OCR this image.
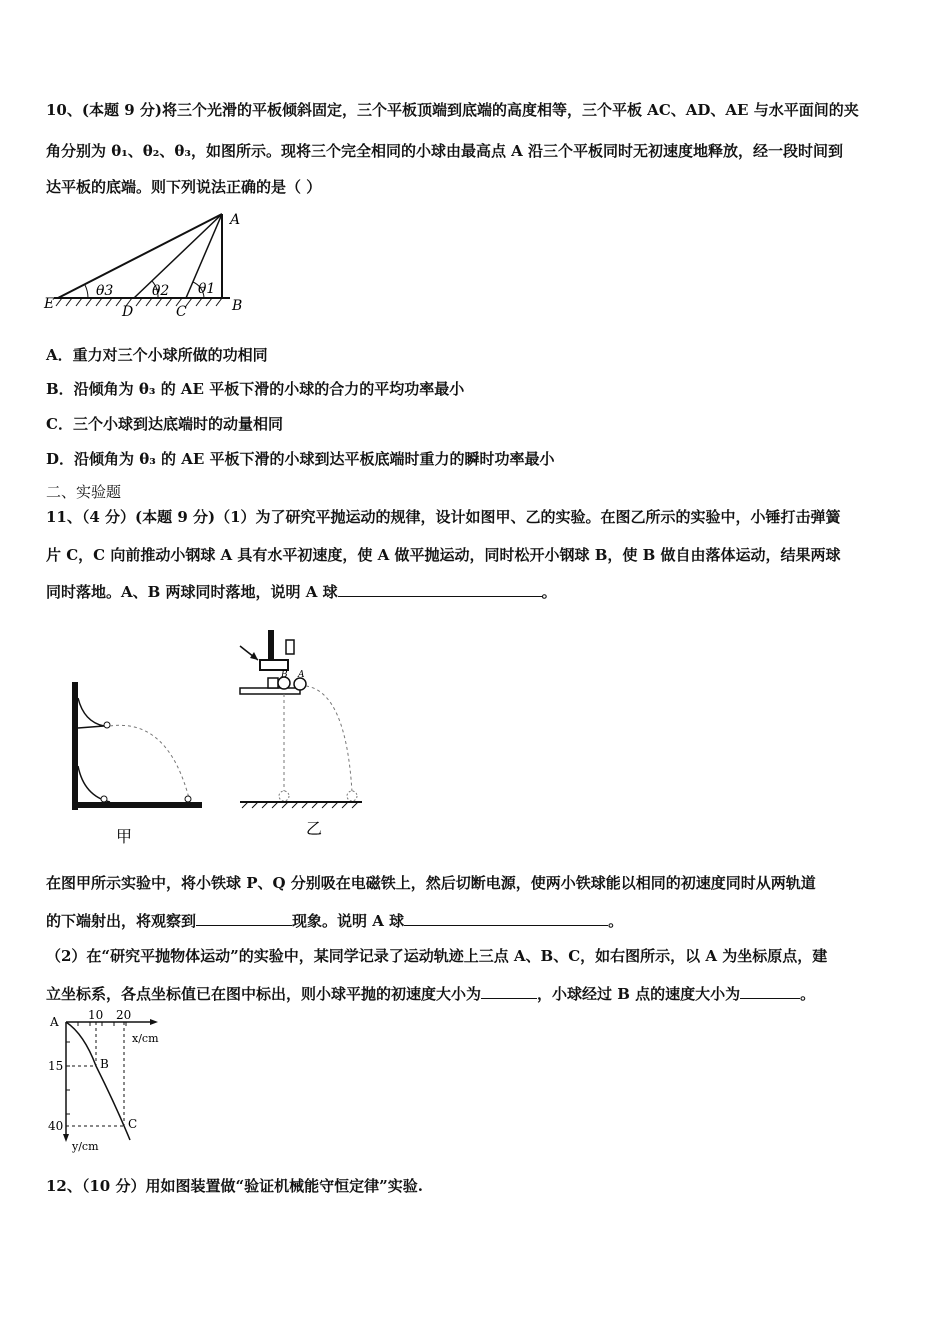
10、(本题 9 分)将三个光滑的平板倾斜固定，三个平板顶端到底端的高度相等，三个平板 AC、AD、AE 与水平面间的夹
角分别为 θ₁、θ₂、θ₃，如图所示。现将三个完全相同的小球由最高点 A 沿三个平板同时无初速度地释放，经一段时间到
达平板的底端。则下列说法正确的是（ ）
A
B
C
D
E
θ3	θ2 θ1
A．重力对三个小球所做的功相同
B．沿倾角为 θ₃ 的 AE 平板下滑的小球的合力的平均功率最小
C．三个小球到达底端时的动量相同
D．沿倾角为 θ₃ 的 AE 平板下滑的小球到达平板底端时重力的瞬时功率最小
二、实验题
11、（4 分）(本题 9 分)（1）为了研究平抛运动的规律，设计如图甲、乙的实验。在图乙所示的实验中，小锤打击弹簧
片 C，C 向前推动小钢球 A 具有水平初速度，使 A 做平抛运动，同时松开小钢球 B，使 B 做自由落体运动，结果两球
同时落地。A、B 两球同时落地，说明 A 球	。
甲
B A
乙
在图甲所示实验中，将小铁球 P、Q 分别吸在电磁铁上，然后切断电源，使两小铁球能以相同的初速度同时从两轨道
的下端射出，将观察到	现象。说明 A 球	。
（2）在“研究平抛物体运动”的实验中，某同学记录了运动轨迹上三点 A、B、C，如右图所示，以 A 为坐标原点，建
立坐标系，各点坐标值已在图中标出，则小球平抛的初速度大小为	，小球经过 B 点的速度大小为	。
A 10 20
x/cm
15
40
y/cm
B
C
12、（10 分）用如图装置做“验证机械能守恒定律”实验.
